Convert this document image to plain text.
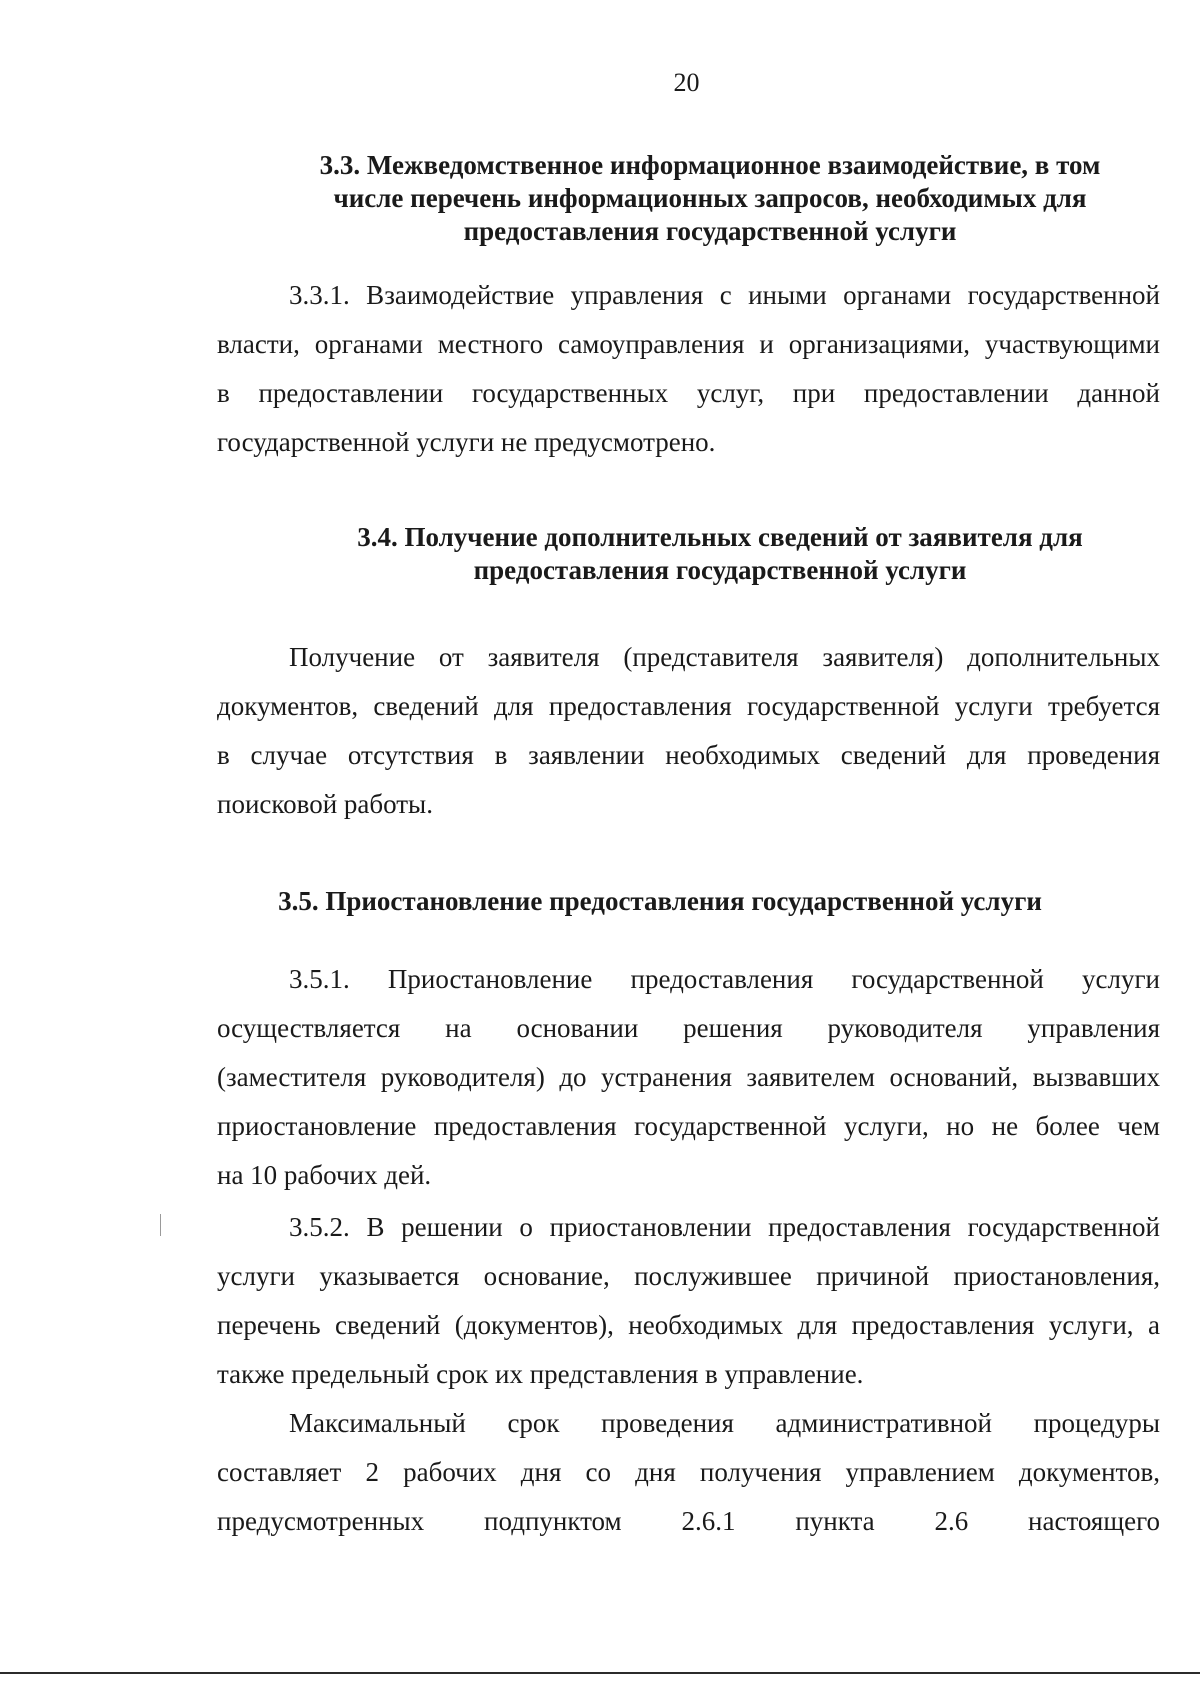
20
3.3. Межведомственное информационное взаимодействие, в том
числе перечень информационных запросов, необходимых для
предоставления государственной услуги

3.3.1. Взаимодействие управления с иными органами государственной
власти, органами местного самоуправления и организациями, участвующими
в предоставлении государственных услуг, при предоставлении данной
государственной услуги не предусмотрено.

3.4. Получение дополнительных сведений от заявителя для
предоставления государственной услуги

Получение от заявителя (представителя заявителя) дополнительных
документов, сведений для предоставления государственной услуги требуется
в случае отсутствия в заявлении необходимых сведений для проведения
поисковой работы.

3.5. Приостановление предоставления государственной услуги

3.5.1. Приостановление предоставления государственной услуги
осуществляется на основании решения руководителя управления
(заместителя руководителя) до устранения заявителем оснований, вызвавших
приостановление предоставления государственной услуги, но не более чем
на 10 рабочих дей.

3.5.2. В решении о приостановлении предоставления государственной
услуги указывается основание, послужившее причиной приостановления,
перечень сведений (документов), необходимых для предоставления услуги, а
также предельный срок их представления в управление.

Максимальный срок проведения административной процедуры
составляет 2 рабочих дня со дня получения управлением документов,
предусмотренных подпунктом 2.6.1 пункта 2.6 настоящего
